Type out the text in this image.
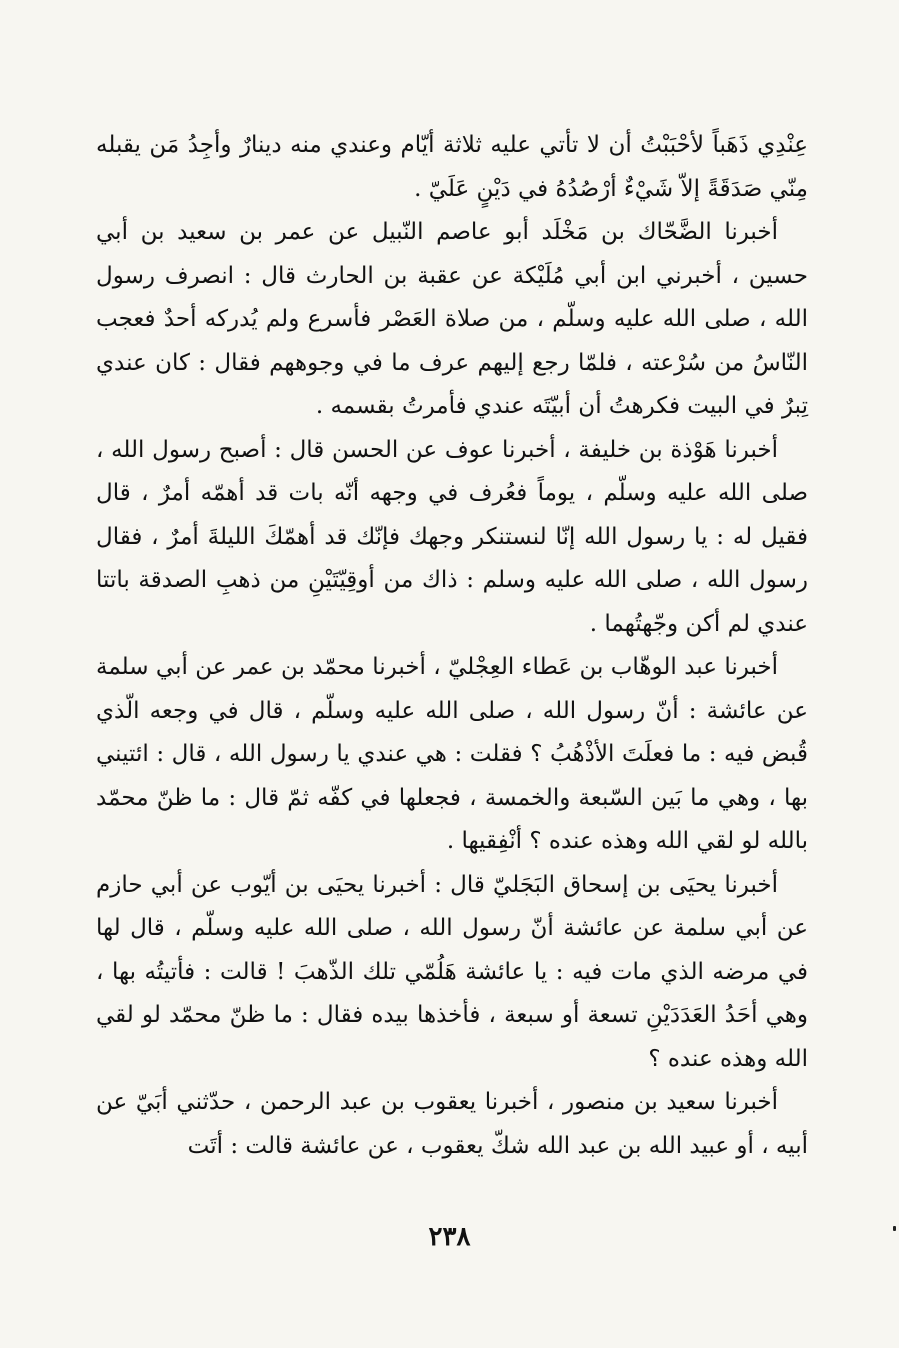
عِنْدِي ذَهَباً لأحْبَبْتُ أن لا تأتي عليه ثلاثة أيّام وعندي منه دينارٌ وأجِدُ مَن يقبله مِنّي صَدَقَةً إلاّ شَيْءٌ أرْصُدُهُ في دَيْنٍ عَلَيّ .

أخبرنا الضَّحّاك بن مَخْلَد أبو عاصم النّبيل عن عمر بن سعيد بن أبي حسين ، أخبرني ابن أبي مُلَيْكة عن عقبة بن الحارث قال : انصرف رسول الله ، صلى الله عليه وسلّم ، من صلاة العَصْر فأسرع ولم يُدركه أحدٌ فعجب النّاسُ من سُرْعته ، فلمّا رجع إليهم عرف ما في وجوههم فقال : كان عندي تِبرٌ في البيت فكرهتُ أن أبيّتَه عندي فأمرتُ بقسمه .

أخبرنا هَوْذة بن خليفة ، أخبرنا عوف عن الحسن قال : أصبح رسول الله ، صلى الله عليه وسلّم ، يوماً فعُرف في وجهه أنّه بات قد أهمّه أمرٌ ، قال فقيل له : يا رسول الله إنّا لنستنكر وجهك فإنّك قد أهمّكَ الليلةَ أمرٌ ، فقال رسول الله ، صلى الله عليه وسلم : ذاك من أوقِيّتَيْنِ من ذهبِ الصدقة باتتا عندي لم أكن وجّهتُهما .

أخبرنا عبد الوهّاب بن عَطاء العِجْليّ ، أخبرنا محمّد بن عمر عن أبي سلمة عن عائشة : أنّ رسول الله ، صلى الله عليه وسلّم ، قال في وجعه الّذي قُبض فيه : ما فعلَتَ الأذْهُبُ ؟ فقلت : هي عندي يا رسول الله ، قال : ائتيني بها ، وهي ما بَين السّبعة والخمسة ، فجعلها في كفّه ثمّ قال : ما ظنّ محمّد بالله لو لقي الله وهذه عنده ؟ أنْفِقيها .

أخبرنا يحيَى بن إسحاق البَجَليّ قال : أخبرنا يحيَى بن أيّوب عن أبي حازم عن أبي سلمة عن عائشة أنّ رسول الله ، صلى الله عليه وسلّم ، قال لها في مرضه الذي مات فيه : يا عائشة هَلُمّي تلك الذّهبَ ! قالت : فأتيتُه بها ، وهي أحَدُ العَدَدَيْنِ تسعة أو سبعة ، فأخذها بيده فقال : ما ظنّ محمّد لو لقي الله وهذه عنده ؟

أخبرنا سعيد بن منصور ، أخبرنا يعقوب بن عبد الرحمن ، حدّثني أبَيّ عن أبيه ، أو عبيد الله بن عبد الله شكّ يعقوب ، عن عائشة قالت : أتَت

٢٣٨
